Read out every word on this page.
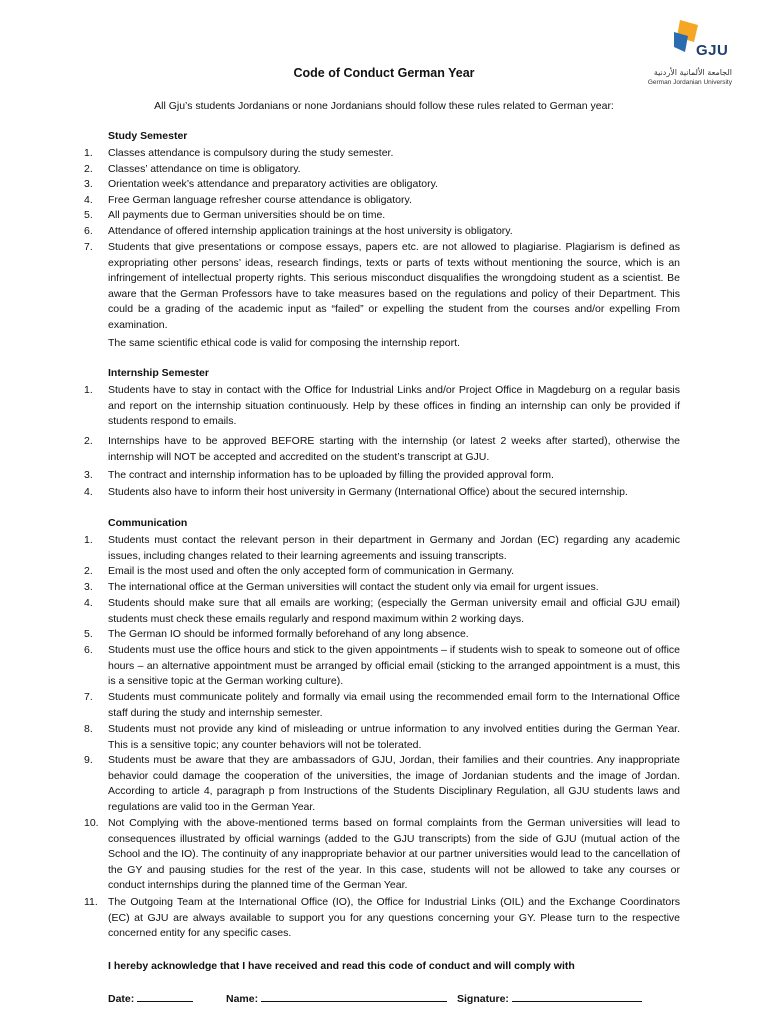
GJU
الجامعة الألمانية الأردنية
German Jordanian University
Code of Conduct German Year
All Gju’s students Jordanians or none Jordanians should follow these rules related to German year:
Study Semester
1. Classes attendance is compulsory during the study semester.
2. Classes’ attendance on time is obligatory.
3. Orientation week’s attendance and preparatory activities are obligatory.
4. Free German language refresher course attendance is obligatory.
5. All payments due to German universities should be on time.
6. Attendance of offered internship application trainings at the host university is obligatory.
7. Students that give presentations or compose essays, papers etc. are not allowed to plagiarise. Plagiarism is defined as expropriating other persons’ ideas, research findings, texts or parts of texts without mentioning the source, which is an infringement of intellectual property rights. This serious misconduct disqualifies the wrongdoing student as a scientist. Be aware that the German Professors have to take measures based on the regulations and policy of their Department. This could be a grading of the academic input as “failed” or expelling the student from the courses and/or expelling From examination.
The same scientific ethical code is valid for composing the internship report.
Internship Semester
1. Students have to stay in contact with the Office for Industrial Links and/or Project Office in Magdeburg on a regular basis and report on the internship situation continuously. Help by these offices in finding an internship can only be provided if students respond to emails.
2. Internships have to be approved BEFORE starting with the internship (or latest 2 weeks after started), otherwise the internship will NOT be accepted and accredited on the student’s transcript at GJU.
3. The contract and internship information has to be uploaded by filling the provided approval form.
4. Students also have to inform their host university in Germany (International Office) about the secured internship.
Communication
1. Students must contact the relevant person in their department in Germany and Jordan (EC) regarding any academic issues, including changes related to their learning agreements and issuing transcripts.
2. Email is the most used and often the only accepted form of communication in Germany.
3. The international office at the German universities will contact the student only via email for urgent issues.
4. Students should make sure that all emails are working; (especially the German university email and official GJU email) students must check these emails regularly and respond maximum within 2 working days.
5. The German IO should be informed formally beforehand of any long absence.
6. Students must use the office hours and stick to the given appointments – if students wish to speak to someone out of office hours – an alternative appointment must be arranged by official email (sticking to the arranged appointment is a must, this is a sensitive topic at the German working culture).
7. Students must communicate politely and formally via email using the recommended email form to the International Office staff during the study and internship semester.
8. Students must not provide any kind of misleading or untrue information to any involved entities during the German Year. This is a sensitive topic; any counter behaviors will not be tolerated.
9. Students must be aware that they are ambassadors of GJU, Jordan, their families and their countries. Any inappropriate behavior could damage the cooperation of the universities, the image of Jordanian students and the image of Jordan. According to article 4, paragraph p from Instructions of the Students Disciplinary Regulation, all GJU students laws and regulations are valid too in the German Year.
10. Not Complying with the above-mentioned terms based on formal complaints from the German universities will lead to consequences illustrated by official warnings (added to the GJU transcripts) from the side of GJU (mutual action of the School and the IO). The continuity of any inappropriate behavior at our partner universities would lead to the cancellation of the GY and pausing studies for the rest of the year. In this case, students will not be allowed to take any courses or conduct internships during the planned time of the German Year.
11. The Outgoing Team at the International Office (IO), the Office for Industrial Links (OIL) and the Exchange Coordinators (EC) at GJU are always available to support you for any questions concerning your GY. Please turn to the respective concerned entity for any specific cases.
I hereby acknowledge that I have received and read this code of conduct and will comply with
Date:	Name:	Signature:
